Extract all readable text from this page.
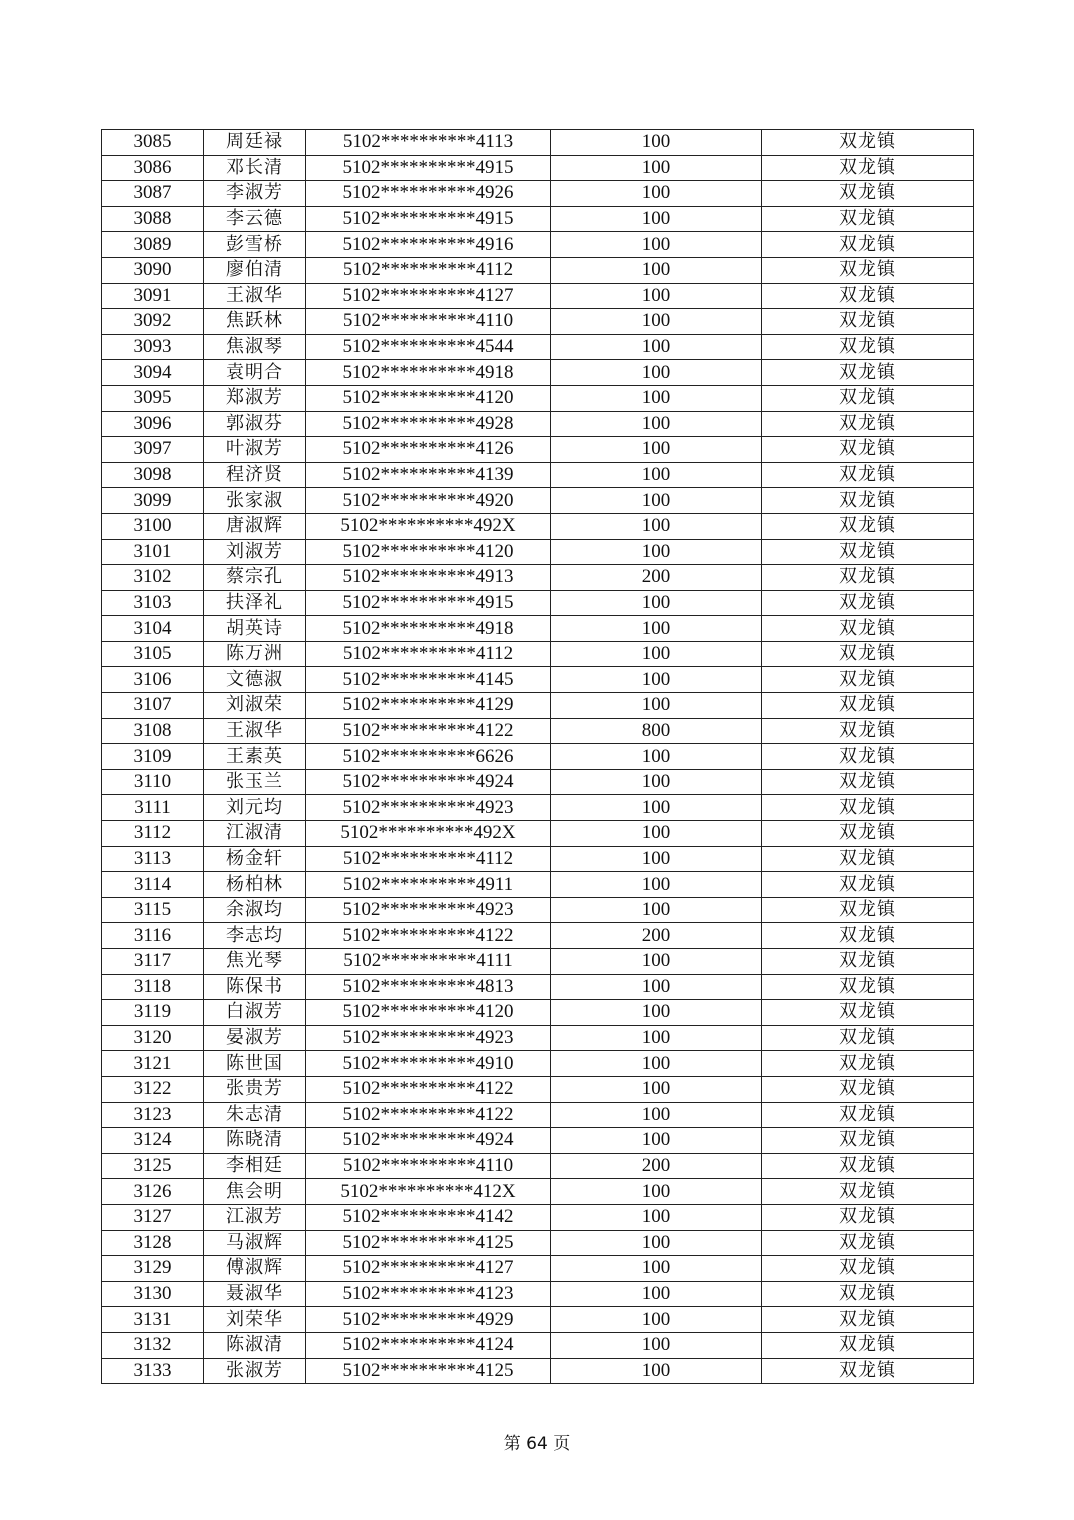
3085	周廷禄	5102**********4113	100	双龙镇
3086	邓长清	5102**********4915	100	双龙镇
3087	李淑芳	5102**********4926	100	双龙镇
3088	李云德	5102**********4915	100	双龙镇
3089	彭雪桥	5102**********4916	100	双龙镇
3090	廖伯清	5102**********4112	100	双龙镇
3091	王淑华	5102**********4127	100	双龙镇
3092	焦跃林	5102**********4110	100	双龙镇
3093	焦淑琴	5102**********4544	100	双龙镇
3094	袁明合	5102**********4918	100	双龙镇
3095	郑淑芳	5102**********4120	100	双龙镇
3096	郭淑芬	5102**********4928	100	双龙镇
3097	叶淑芳	5102**********4126	100	双龙镇
3098	程济贤	5102**********4139	100	双龙镇
3099	张家淑	5102**********4920	100	双龙镇
3100	唐淑辉	5102**********492X	100	双龙镇
3101	刘淑芳	5102**********4120	100	双龙镇
3102	蔡宗孔	5102**********4913	200	双龙镇
3103	扶泽礼	5102**********4915	100	双龙镇
3104	胡英诗	5102**********4918	100	双龙镇
3105	陈万洲	5102**********4112	100	双龙镇
3106	文德淑	5102**********4145	100	双龙镇
3107	刘淑荣	5102**********4129	100	双龙镇
3108	王淑华	5102**********4122	800	双龙镇
3109	王素英	5102**********6626	100	双龙镇
3110	张玉兰	5102**********4924	100	双龙镇
3111	刘元均	5102**********4923	100	双龙镇
3112	江淑清	5102**********492X	100	双龙镇
3113	杨金轩	5102**********4112	100	双龙镇
3114	杨柏林	5102**********4911	100	双龙镇
3115	余淑均	5102**********4923	100	双龙镇
3116	李志均	5102**********4122	200	双龙镇
3117	焦光琴	5102**********4111	100	双龙镇
3118	陈保书	5102**********4813	100	双龙镇
3119	白淑芳	5102**********4120	100	双龙镇
3120	晏淑芳	5102**********4923	100	双龙镇
3121	陈世国	5102**********4910	100	双龙镇
3122	张贵芳	5102**********4122	100	双龙镇
3123	朱志清	5102**********4122	100	双龙镇
3124	陈晓清	5102**********4924	100	双龙镇
3125	李相廷	5102**********4110	200	双龙镇
3126	焦会明	5102**********412X	100	双龙镇
3127	江淑芳	5102**********4142	100	双龙镇
3128	马淑辉	5102**********4125	100	双龙镇
3129	傅淑辉	5102**********4127	100	双龙镇
3130	聂淑华	5102**********4123	100	双龙镇
3131	刘荣华	5102**********4929	100	双龙镇
3132	陈淑清	5102**********4124	100	双龙镇
3133	张淑芳	5102**********4125	100	双龙镇
第 64 页
